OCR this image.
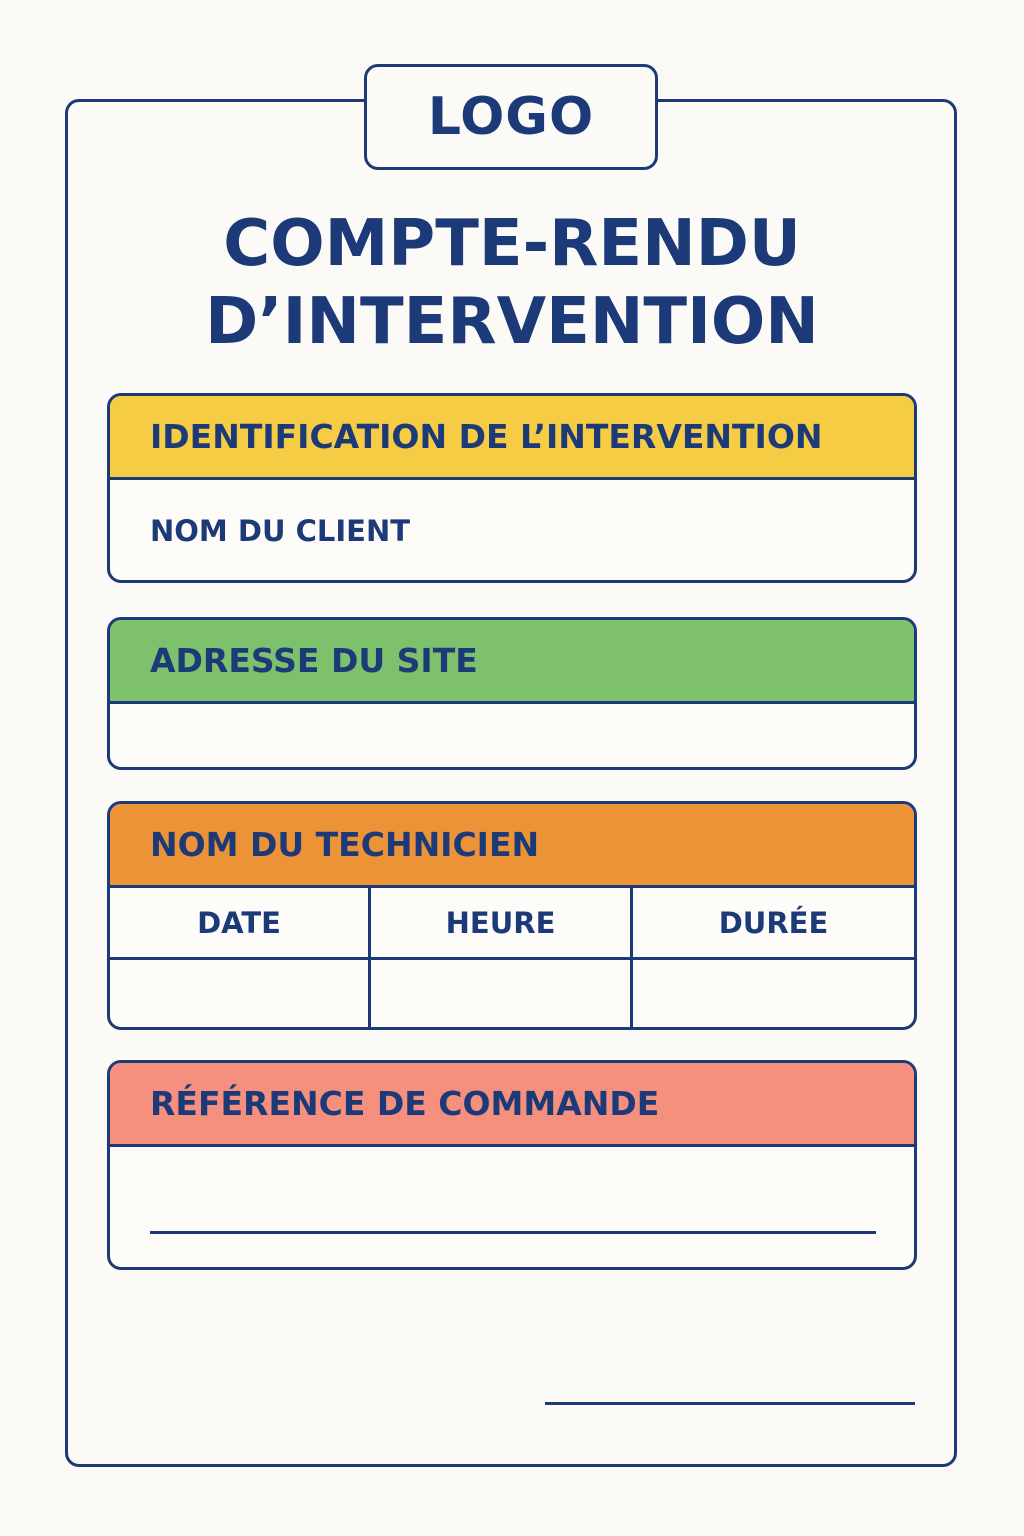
LOGO
COMPTE-RENDU
D’INTERVENTION
IDENTIFICATION DE L’INTERVENTION
NOM DU CLIENT
ADRESSE DU SITE
NOM DU TECHNICIEN
DATE	HEURE	DURÉE
RÉFÉRENCE DE COMMANDE
